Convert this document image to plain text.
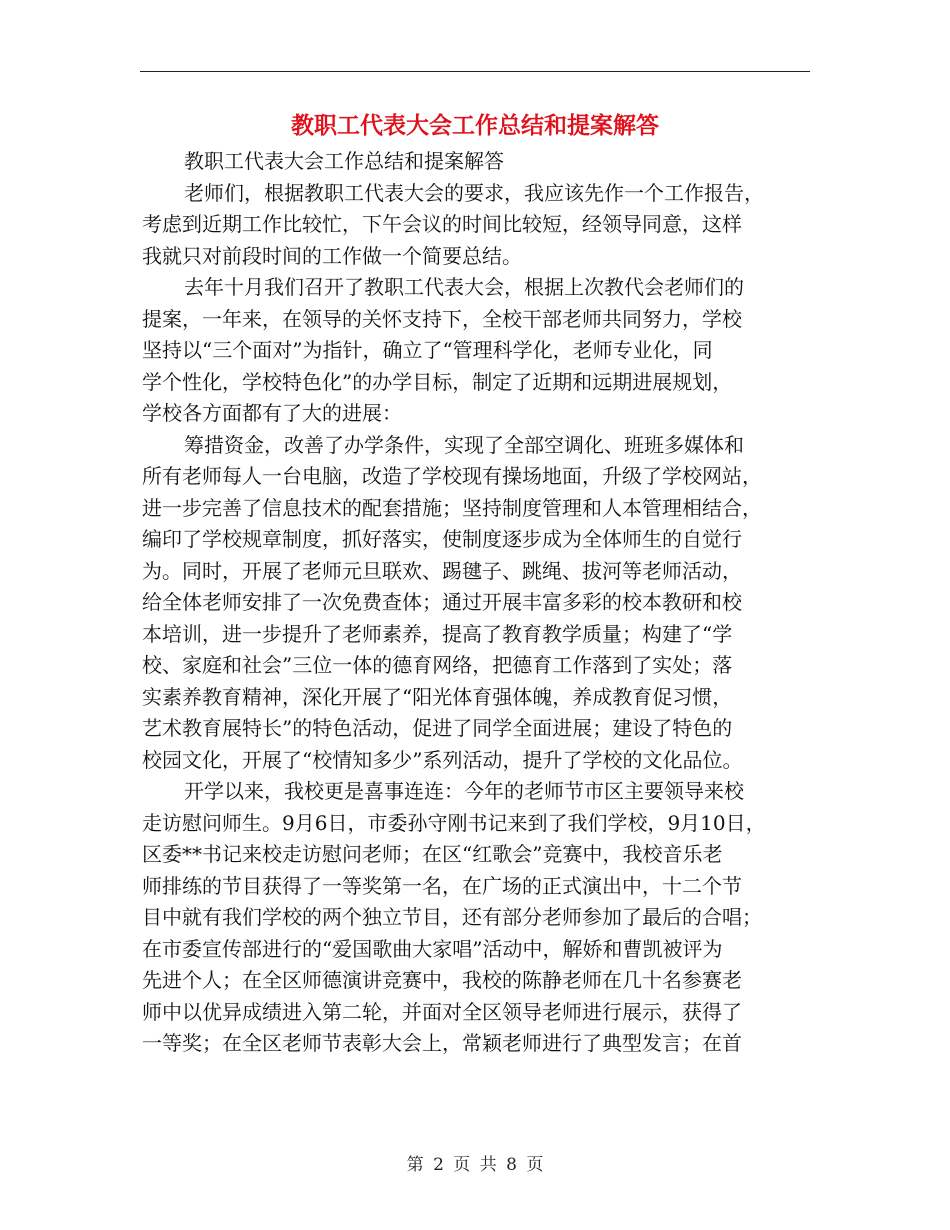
教职工代表大会工作总结和提案解答
教职工代表大会工作总结和提案解答
老师们，根据教职工代表大会的要求，我应该先作一个工作报告，
考虑到近期工作比较忙，下午会议的时间比较短，经领导同意，这样
我就只对前段时间的工作做一个简要总结。
去年十月我们召开了教职工代表大会，根据上次教代会老师们的
提案，一年来，在领导的关怀支持下，全校干部老师共同努力，学校
坚持以“三个面对”为指针，确立了“管理科学化，老师专业化，同
学个性化，学校特色化”的办学目标，制定了近期和远期进展规划，
学校各方面都有了大的进展：
筹措资金，改善了办学条件，实现了全部空调化、班班多媒体和
所有老师每人一台电脑，改造了学校现有操场地面，升级了学校网站，
进一步完善了信息技术的配套措施；坚持制度管理和人本管理相结合，
编印了学校规章制度，抓好落实，使制度逐步成为全体师生的自觉行
为。同时，开展了老师元旦联欢、踢毽子、跳绳、拔河等老师活动，
给全体老师安排了一次免费查体；通过开展丰富多彩的校本教研和校
本培训，进一步提升了老师素养，提高了教育教学质量；构建了“学
校、家庭和社会”三位一体的德育网络，把德育工作落到了实处；落
实素养教育精神，深化开展了“阳光体育强体魄，养成教育促习惯，
艺术教育展特长”的特色活动，促进了同学全面进展；建设了特色的
校园文化，开展了“校情知多少”系列活动，提升了学校的文化品位。
开学以来，我校更是喜事连连：今年的老师节市区主要领导来校
走访慰问师生。9月6日，市委孙守刚书记来到了我们学校，9月10日，
区委**书记来校走访慰问老师；在区“红歌会”竞赛中，我校音乐老
师排练的节目获得了一等奖第一名，在广场的正式演出中，十二个节
目中就有我们学校的两个独立节目，还有部分老师参加了最后的合唱；
在市委宣传部进行的“爱国歌曲大家唱”活动中，解娇和曹凯被评为
先进个人；在全区师德演讲竞赛中，我校的陈静老师在几十名参赛老
师中以优异成绩进入第二轮，并面对全区领导老师进行展示，获得了
一等奖；在全区老师节表彰大会上，常颖老师进行了典型发言；在首
第 2 页 共 8 页
